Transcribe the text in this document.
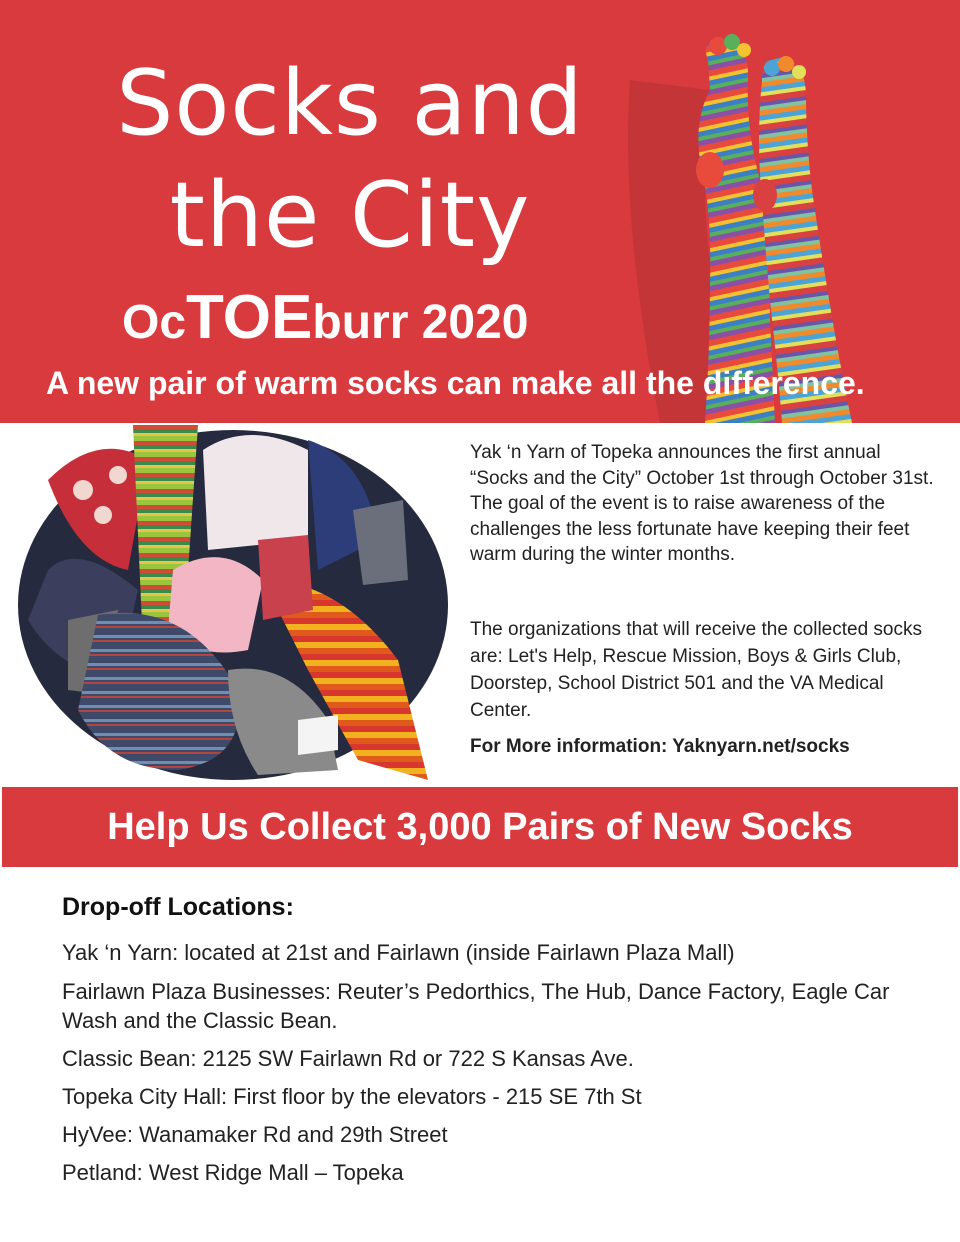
Socks and
the City
OcTOEburr 2020
A new pair of warm socks can make all the difference.

Yak ‘n Yarn of Topeka announces the first annual “Socks and the City” October 1st through October 31st. The goal of the event is to raise awareness of the challenges the less fortunate have keeping their feet warm during the winter months.

The organizations that will receive the collected socks are: Let's Help, Rescue Mission, Boys & Girls Club, Doorstep, School District 501 and the VA Medical Center.
For More information: Yaknyarn.net/socks
Help Us Collect 3,000 Pairs of New Socks
Drop-off Locations:
Yak ‘n Yarn: located at 21st and Fairlawn (inside Fairlawn Plaza Mall)
Fairlawn Plaza Businesses: Reuter’s Pedorthics, The Hub, Dance Factory, Eagle Car Wash and the Classic Bean.
Classic Bean: 2125 SW Fairlawn Rd or 722 S Kansas Ave.
Topeka City Hall: First floor by the elevators - 215 SE 7th St
HyVee: Wanamaker Rd and 29th Street
Petland: West Ridge Mall – Topeka
